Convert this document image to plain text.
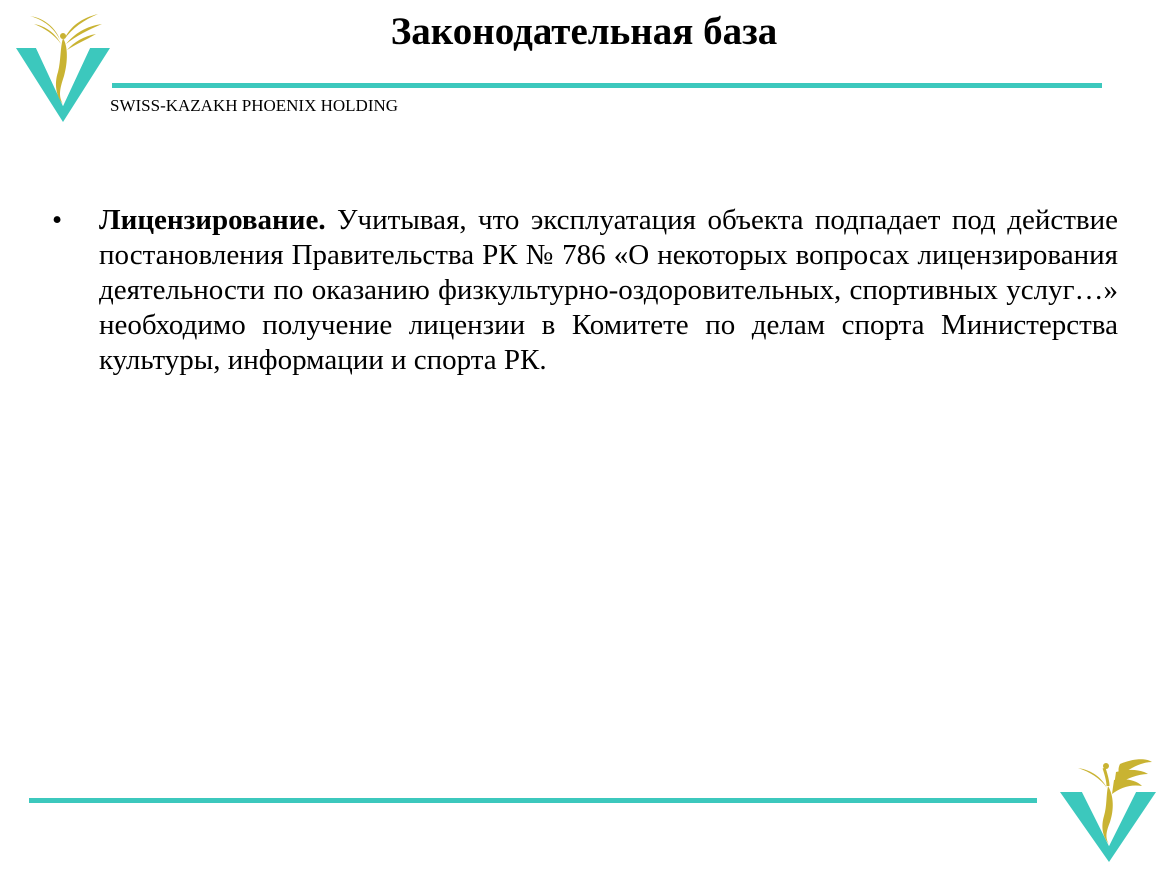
Законодательная база
SWISS-KAZAKH PHOENIX HOLDING
•	Лицензирование. Учитывая, что эксплуатация объекта подпадает под действие постановления Правительства РК № 786 «О некоторых вопросах лицензирования деятельности по оказанию физкультурно-оздоровительных, спортивных услуг…» необходимо получение лицензии в Комитете по делам спорта Министерства культуры, информации и спорта РК.
